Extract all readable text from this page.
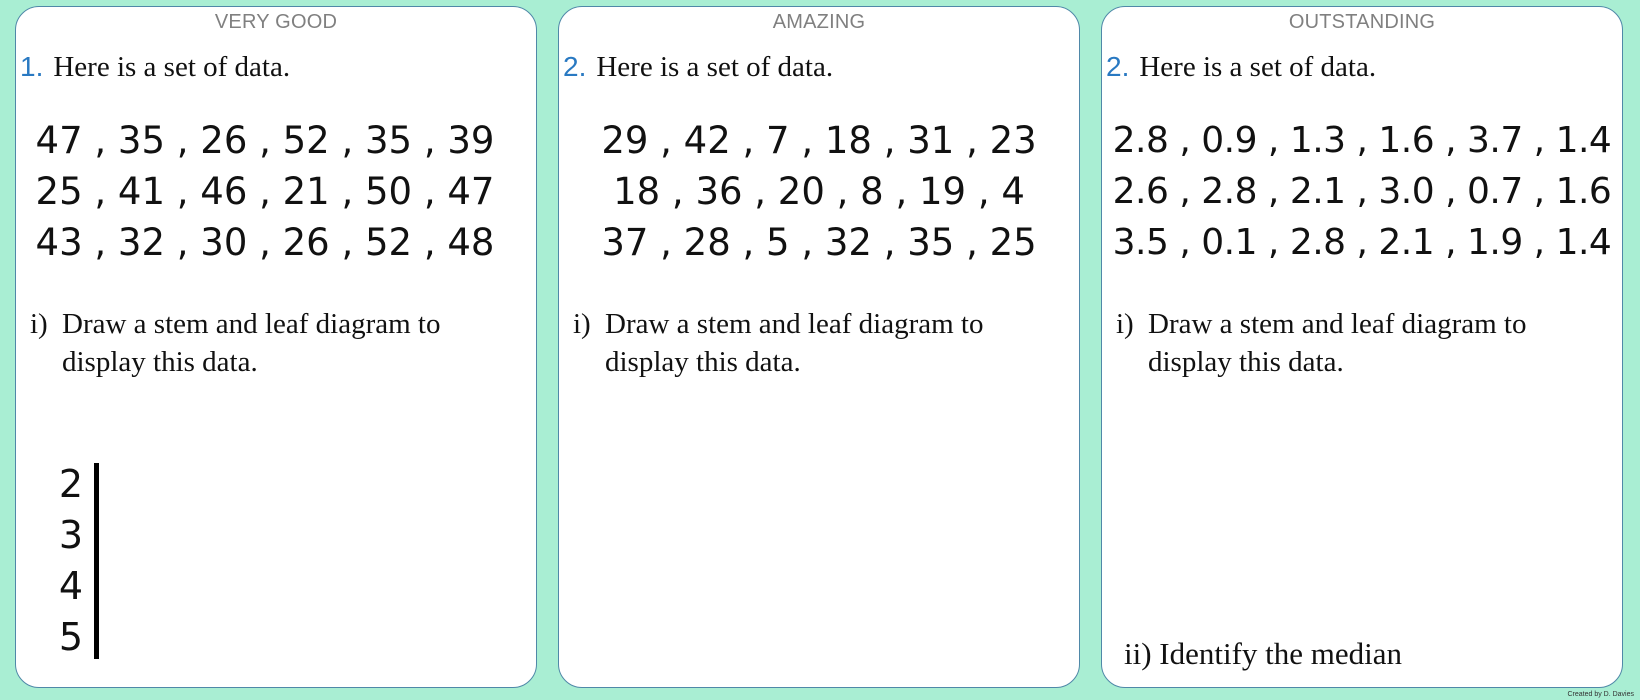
VERY GOOD
1. Here is a set of data.
47 , 35 , 26 , 52 , 35 , 39
25 , 41 , 46 , 21 , 50 , 47
43 , 32 , 30 , 26 , 52 , 48
i) Draw a stem and leaf diagram to display this data.
2
3
4
5
AMAZING
2. Here is a set of data.
29 , 42 , 7 , 18 , 31 , 23
18 , 36 , 20 , 8 , 19 , 4
37 , 28 , 5 , 32 , 35 , 25
i) Draw a stem and leaf diagram to display this data.
OUTSTANDING
2. Here is a set of data.
2.8 , 0.9 , 1.3 , 1.6 , 3.7 , 1.4
2.6 , 2.8 , 2.1 , 3.0 , 0.7 , 1.6
3.5 , 0.1 , 2.8 , 2.1 , 1.9 , 1.4
i) Draw a stem and leaf diagram to display this data.
ii) Identify the median
Created by D. Davies
